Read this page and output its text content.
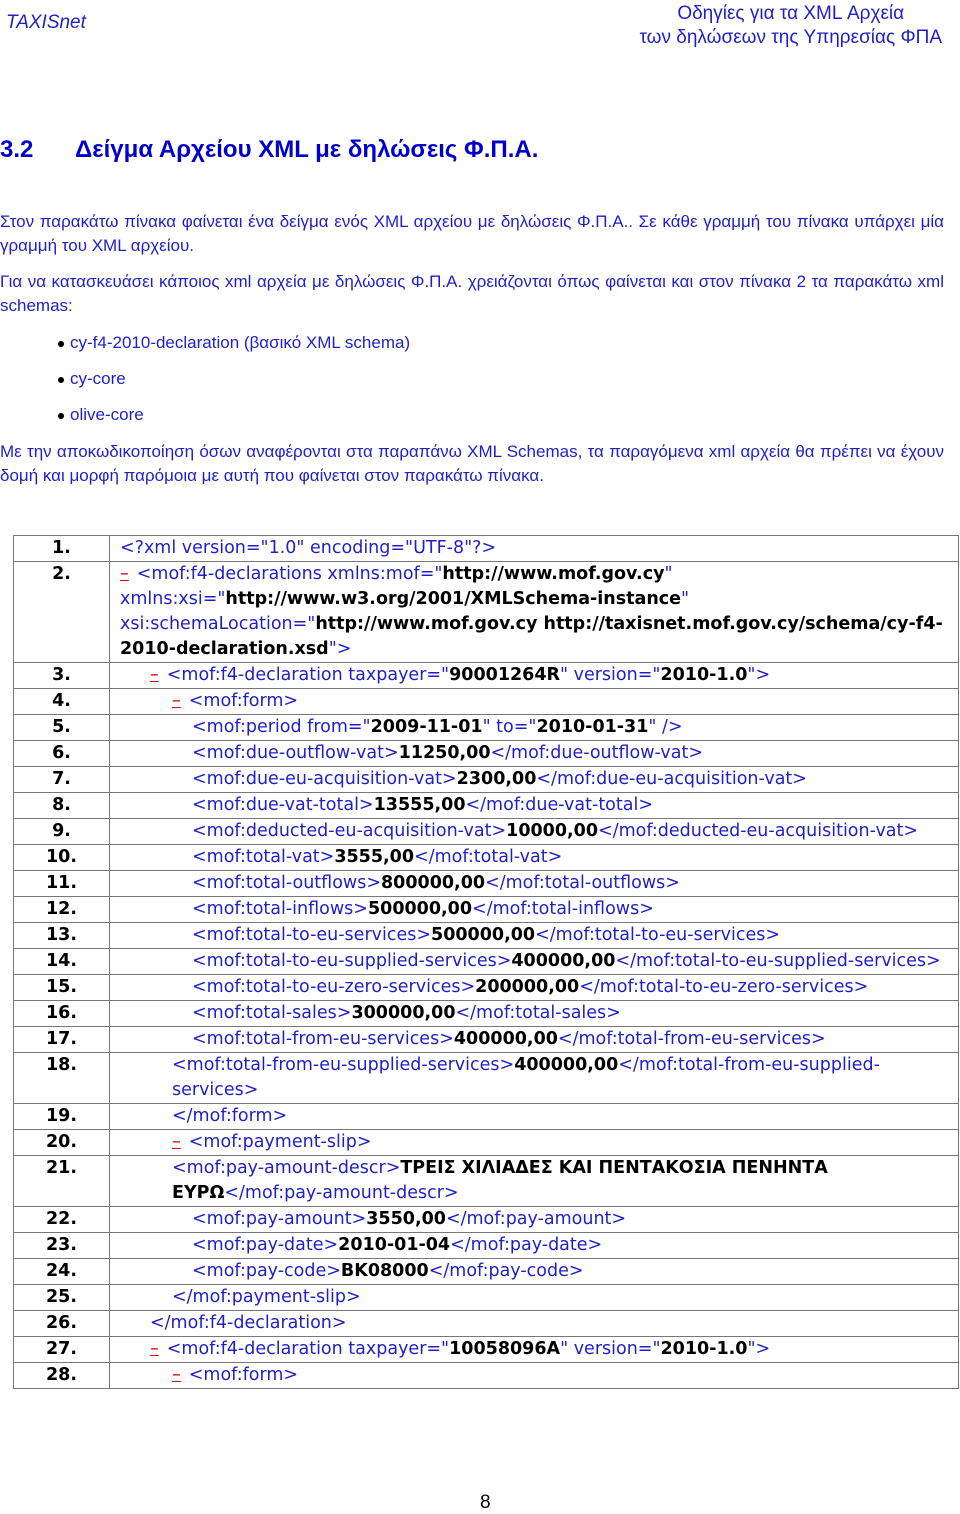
TAXISnet	Οδηγίες για τα XML Αρχεία
των δηλώσεων της Υπηρεσίας ΦΠΑ
3.2 Δείγμα Αρχείου XML με δηλώσεις Φ.Π.Α.
Στον παρακάτω πίνακα φαίνεται ένα δείγμα ενός XML αρχείου με δηλώσεις Φ.Π.Α.. Σε κάθε γραμμή του πίνακα υπάρχει μία γραμμή του XML αρχείου.
Για να κατασκευάσει κάποιος xml αρχεία με δηλώσεις Φ.Π.Α. χρειάζονται όπως φαίνεται και στον πίνακα 2 τα παρακάτω xml schemas:
cy-f4-2010-declaration (βασικό XML schema)
cy-core
olive-core
Με την αποκωδικοποίηση όσων αναφέρονται στα παραπάνω XML Schemas, τα παραγόμενα xml αρχεία θα πρέπει να έχουν δομή και μορφή παρόμοια με αυτή που φαίνεται στον παρακάτω πίνακα.
1.	<?xml version="1.0" encoding="UTF-8"?>
2.	– <mof:f4-declarations xmlns:mof="http://www.mof.gov.cy" xmlns:xsi="http://www.w3.org/2001/XMLSchema-instance" xsi:schemaLocation="http://www.mof.gov.cy http://taxisnet.mof.gov.cy/schema/cy-f4-2010-declaration.xsd">
3.	– <mof:f4-declaration taxpayer="90001264R" version="2010-1.0">

4.	– <mof:form>

5.	<mof:period from="2009-11-01" to="2010-01-31" />

6.	<mof:due-outflow-vat>11250,00</mof:due-outflow-vat>

7.	<mof:due-eu-acquisition-vat>2300,00</mof:due-eu-acquisition-vat>

8.	<mof:due-vat-total>13555,00</mof:due-vat-total>

9.	<mof:deducted-eu-acquisition-vat>10000,00</mof:deducted-eu-acquisition-vat>

10.	<mof:total-vat>3555,00</mof:total-vat>

11.	<mof:total-outflows>800000,00</mof:total-outflows>

12.	<mof:total-inflows>500000,00</mof:total-inflows>

13.	<mof:total-to-eu-services>500000,00</mof:total-to-eu-services>

14.	<mof:total-to-eu-supplied-services>400000,00</mof:total-to-eu-supplied-services>

15.	<mof:total-to-eu-zero-services>200000,00</mof:total-to-eu-zero-services>

16.	<mof:total-sales>300000,00</mof:total-sales>

17.	<mof:total-from-eu-services>400000,00</mof:total-from-eu-services>

18.	<mof:total-from-eu-supplied-services>400000,00</mof:total-from-eu-supplied-services>

19.	</mof:form>

20.	– <mof:payment-slip>

21.	<mof:pay-amount-descr>ΤΡΕΙΣ ΧΙΛΙΑΔΕΣ ΚΑΙ ΠΕΝΤΑΚΟΣΙΑ ΠΕΝΗΝΤΑ ΕΥΡΩ</mof:pay-amount-descr>

22.	<mof:pay-amount>3550,00</mof:pay-amount>

23.	<mof:pay-date>2010-01-04</mof:pay-date>

24.	<mof:pay-code>BK08000</mof:pay-code>

25.	</mof:payment-slip>

26.	</mof:f4-declaration>

27.	– <mof:f4-declaration taxpayer="10058096A" version="2010-1.0">

28.	– <mof:form>
8
